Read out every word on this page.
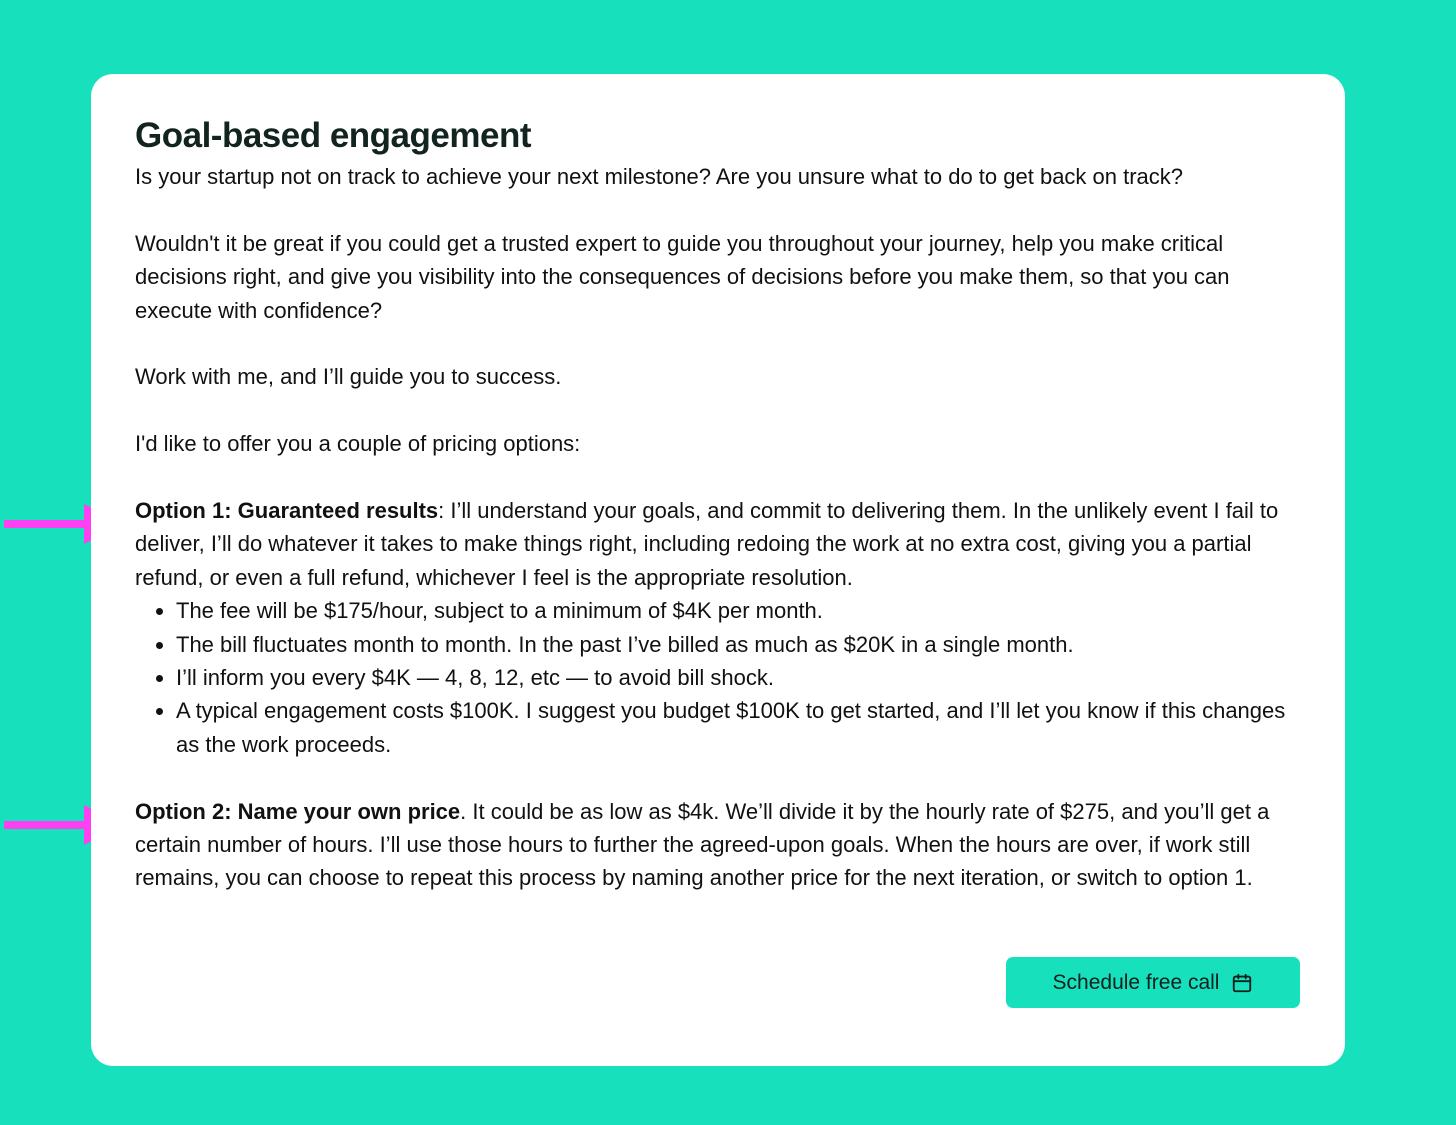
Goal-based engagement

Is your startup not on track to achieve your next milestone? Are you unsure what to do to get back on track?

Wouldn't it be great if you could get a trusted expert to guide you throughout your journey, help you make critical decisions right, and give you visibility into the consequences of decisions before you make them, so that you can execute with confidence?

Work with me, and I’ll guide you to success.

I'd like to offer you a couple of pricing options:

Option 1: Guaranteed results: I’ll understand your goals, and commit to delivering them. In the unlikely event I fail to deliver, I’ll do whatever it takes to make things right, including redoing the work at no extra cost, giving you a partial refund, or even a full refund, whichever I feel is the appropriate resolution.

• The fee will be $175/hour, subject to a minimum of $4K per month.
• The bill fluctuates month to month. In the past I’ve billed as much as $20K in a single month.
• I’ll inform you every $4K — 4, 8, 12, etc — to avoid bill shock.
• A typical engagement costs $100K. I suggest you budget $100K to get started, and I’ll let you know if this changes as the work proceeds.

Option 2: Name your own price. It could be as low as $4k. We’ll divide it by the hourly rate of $275, and you’ll get a certain number of hours. I’ll use those hours to further the agreed-upon goals. When the hours are over, if work still remains, you can choose to repeat this process by naming another price for the next iteration, or switch to option 1.

Schedule free call
